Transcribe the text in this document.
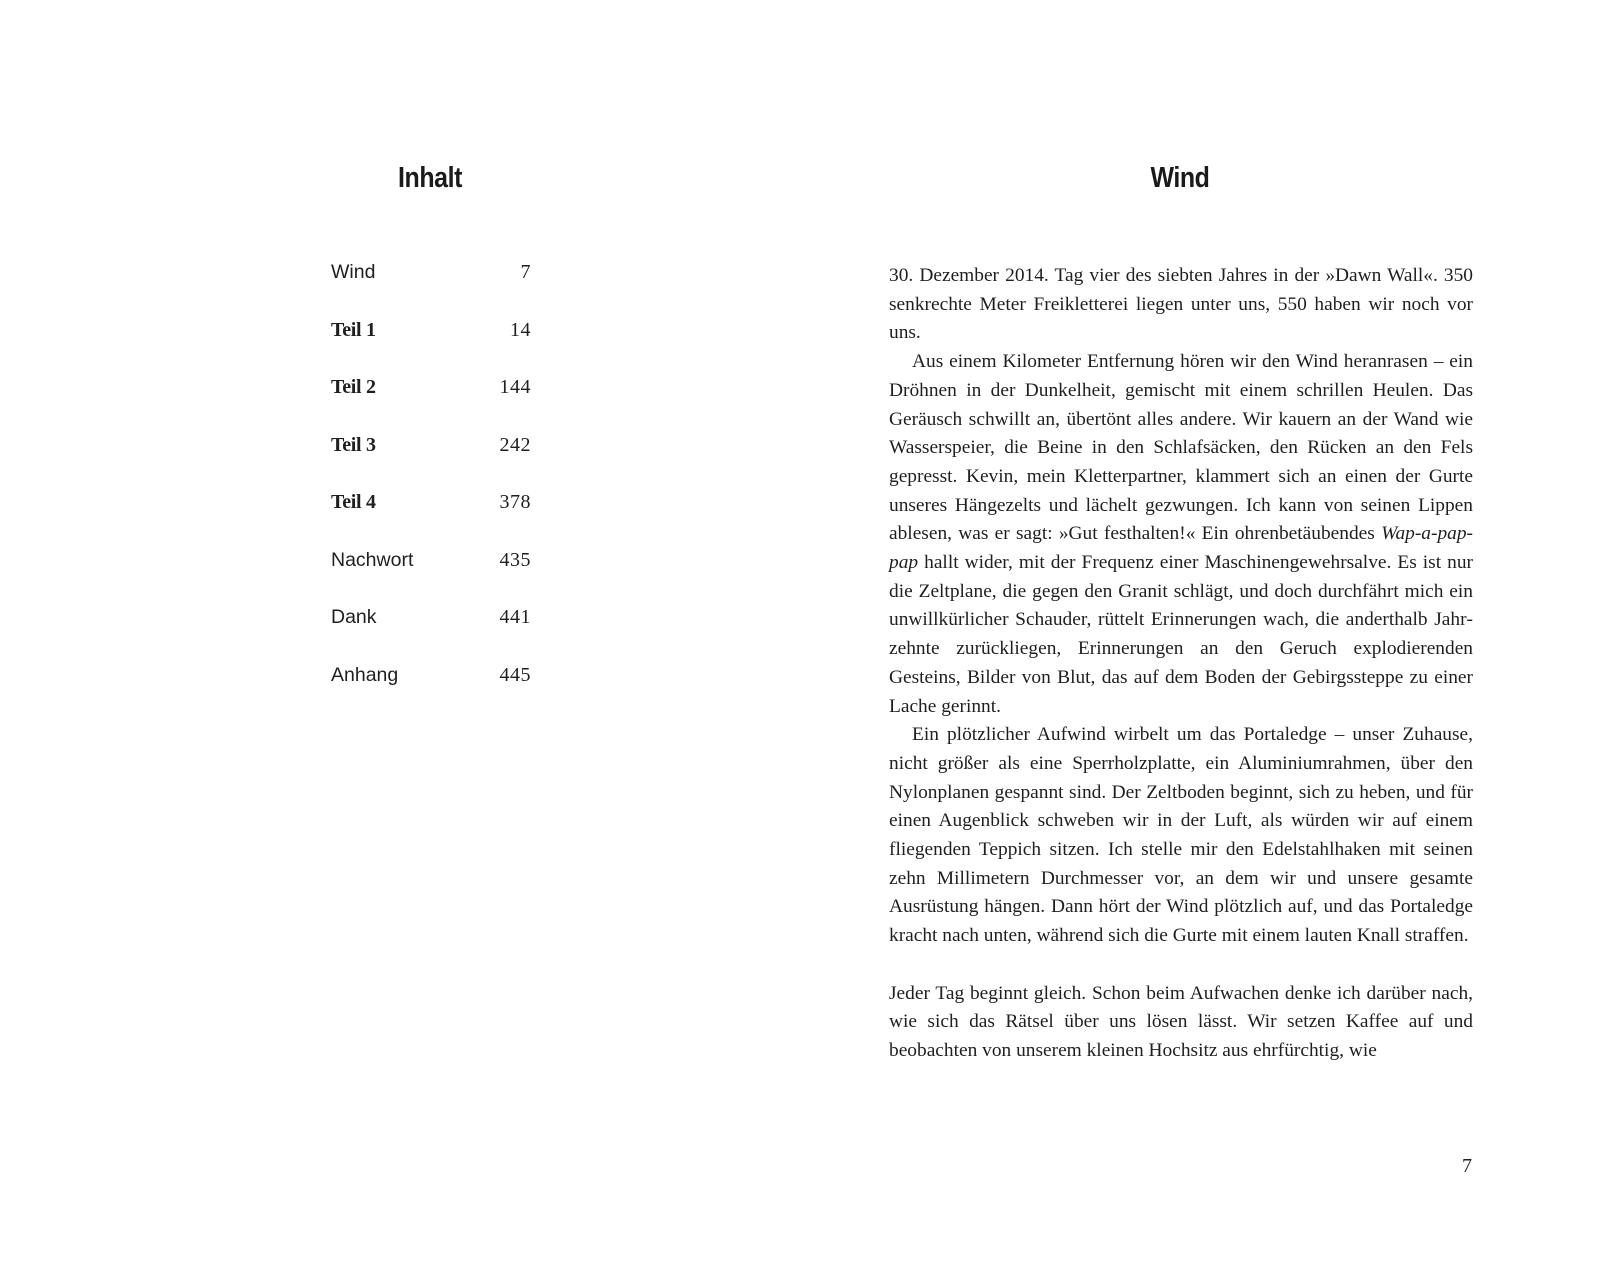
Inhalt
Wind	7
Teil 1	14
Teil 2	144
Teil 3	242
Teil 4	378
Nachwort	435
Dank	441
Anhang	445
Wind

30. Dezember 2014. Tag vier des siebten Jahres in der »Dawn Wall«. 350 senkrechte Meter Freikletterei liegen unter uns, 550 haben wir noch vor uns.

Aus einem Kilometer Entfernung hören wir den Wind heranrasen – ein Dröhnen in der Dunkelheit, gemischt mit einem schrillen Heulen. Das Geräusch schwillt an, übertönt alles andere. Wir kauern an der Wand wie Wasserspeier, die Beine in den Schlafsäcken, den Rücken an den Fels gepresst. Kevin, mein Kletterpartner, klammert sich an einen der Gurte unseres Hängezelts und lächelt gezwungen. Ich kann von seinen Lippen ablesen, was er sagt: »Gut festhalten!« Ein ohrenbetäubendes Wap-a-pap-pap hallt wider, mit der Frequenz einer Maschinengewehrsalve. Es ist nur die Zeltplane, die gegen den Granit schlägt, und doch durchfährt mich ein unwillkürlicher Schauder, rüttelt Erinnerungen wach, die anderthalb Jahrzehnte zurückliegen, Erinnerungen an den Geruch explodierenden Gesteins, Bilder von Blut, das auf dem Boden der Gebirgssteppe zu einer Lache gerinnt.

Ein plötzlicher Aufwind wirbelt um das Portaledge – unser Zuhause, nicht größer als eine Sperrholzplatte, ein Aluminiumrahmen, über den Nylonplanen gespannt sind. Der Zeltboden beginnt, sich zu heben, und für einen Augenblick schweben wir in der Luft, als würden wir auf einem fliegenden Teppich sitzen. Ich stelle mir den Edelstahlhaken mit seinen zehn Millimetern Durchmesser vor, an dem wir und unsere gesamte Ausrüstung hängen. Dann hört der Wind plötzlich auf, und das Portaledge kracht nach unten, während sich die Gurte mit einem lauten Knall straffen.

Jeder Tag beginnt gleich. Schon beim Aufwachen denke ich darüber nach, wie sich das Rätsel über uns lösen lässt. Wir setzen Kaffee auf und beobachten von unserem kleinen Hochsitz aus ehrfürchtig, wie

7
